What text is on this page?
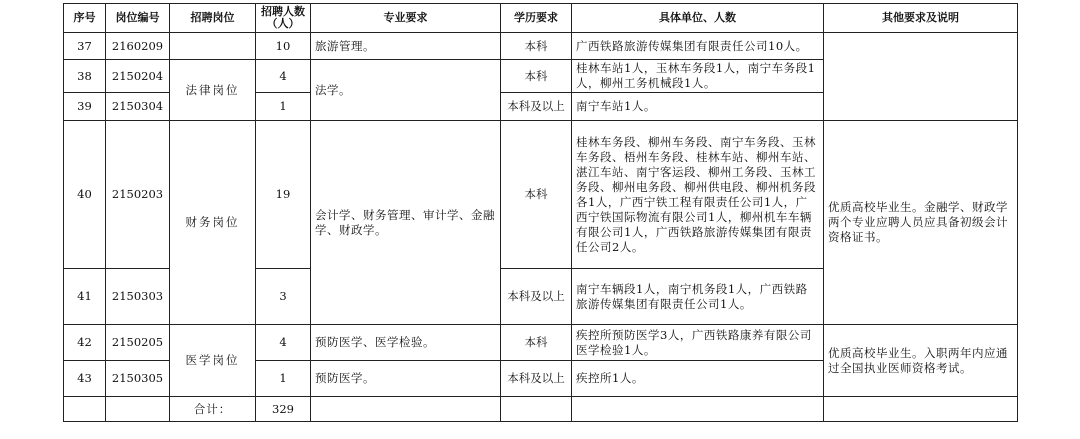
序号	岗位编号	招聘岗位	招聘人数（人）	专业要求	学历要求	具体单位、人数	其他要求及说明
37	2160209		10	旅游管理。	本科	广西铁路旅游传媒集团有限责任公司10人。	
38	2150204	法律岗位	4	法学。	本科	桂林车站1人，玉林车务段1人，南宁车务段1人，柳州工务机械段1人。	
39	2150304		1		本科及以上	南宁车站1人。	
40	2150203	财务岗位	19	会计学、财务管理、审计学、金融学、财政学。	本科	桂林车务段、柳州车务段、南宁车务段、玉林车务段、梧州车务段、桂林车站、柳州车站、湛江车站、南宁客运段、柳州工务段、玉林工务段、柳州电务段、柳州供电段、柳州机务段各1人，广西宁铁工程有限责任公司1人，广西宁铁国际物流有限公司1人，柳州机车车辆有限公司1人，广西铁路旅游传媒集团有限责任公司2人。	优质高校毕业生。金融学、财政学两个专业应聘人员应具备初级会计资格证书。
41	2150303		3		本科及以上	南宁车辆段1人，南宁机务段1人，广西铁路旅游传媒集团有限责任公司1人。	
42	2150205	医学岗位	4	预防医学、医学检验。	本科	疾控所预防医学3人，广西铁路康养有限公司医学检验1人。	优质高校毕业生。入职两年内应通过全国执业医师资格考试。
43	2150305		1	预防医学。	本科及以上	疾控所1人。	
		合计：	329				
